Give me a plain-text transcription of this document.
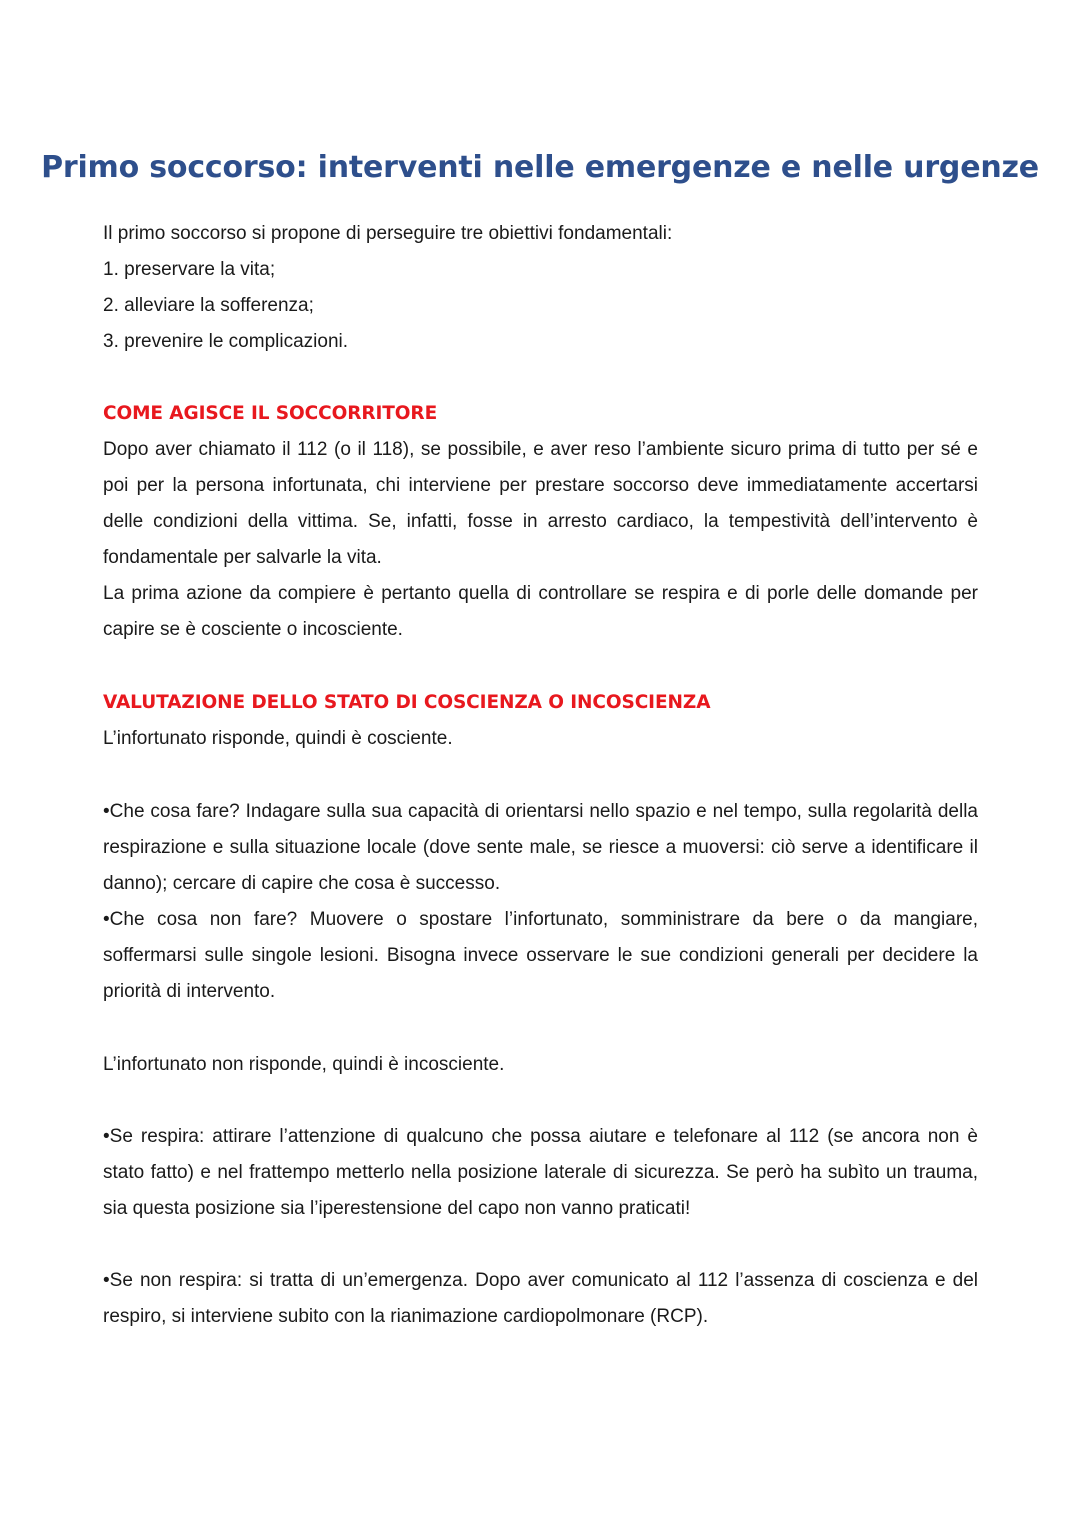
Primo soccorso: interventi nelle emergenze e nelle urgenze

Il primo soccorso si propone di perseguire tre obiettivi fondamentali:

1. preservare la vita;
2. alleviare la sofferenza;
3. prevenire le complicazioni.
COME AGISCE IL SOCCORRITORE

Dopo aver chiamato il 112 (o il 118), se possibile, e aver reso l’ambiente sicuro prima di tutto per sé e poi per la persona infortunata, chi interviene per prestare soccorso deve immediatamente accertarsi delle condizioni della vittima. Se, infatti, fosse in arresto cardiaco, la tempestività dell’intervento è fondamentale per salvarle la vita.

La prima azione da compiere è pertanto quella di controllare se respira e di porle delle domande per capire se è cosciente o incosciente.

VALUTAZIONE DELLO STATO DI COSCIENZA O INCOSCIENZA

L’infortunato risponde, quindi è cosciente.

•Che cosa fare? Indagare sulla sua capacità di orientarsi nello spazio e nel tempo, sulla regolarità della respirazione e sulla situazione locale (dove sente male, se riesce a muoversi: ciò serve a identificare il danno); cercare di capire che cosa è successo.

•Che cosa non fare? Muovere o spostare l’infortunato, somministrare da bere o da mangiare, soffermarsi sulle singole lesioni. Bisogna invece osservare le sue condizioni generali per decidere la priorità di intervento.

L’infortunato non risponde, quindi è incosciente.

•Se respira: attirare l’attenzione di qualcuno che possa aiutare e telefonare al 112 (se ancora non è stato fatto) e nel frattempo metterlo nella posizione laterale di sicurezza. Se però ha subìto un trauma, sia questa posizione sia l’iperestensione del capo non vanno praticati!

•Se non respira: si tratta di un’emergenza. Dopo aver comunicato al 112 l’assenza di coscienza e del respiro, si interviene subito con la rianimazione cardiopolmonare (RCP).
